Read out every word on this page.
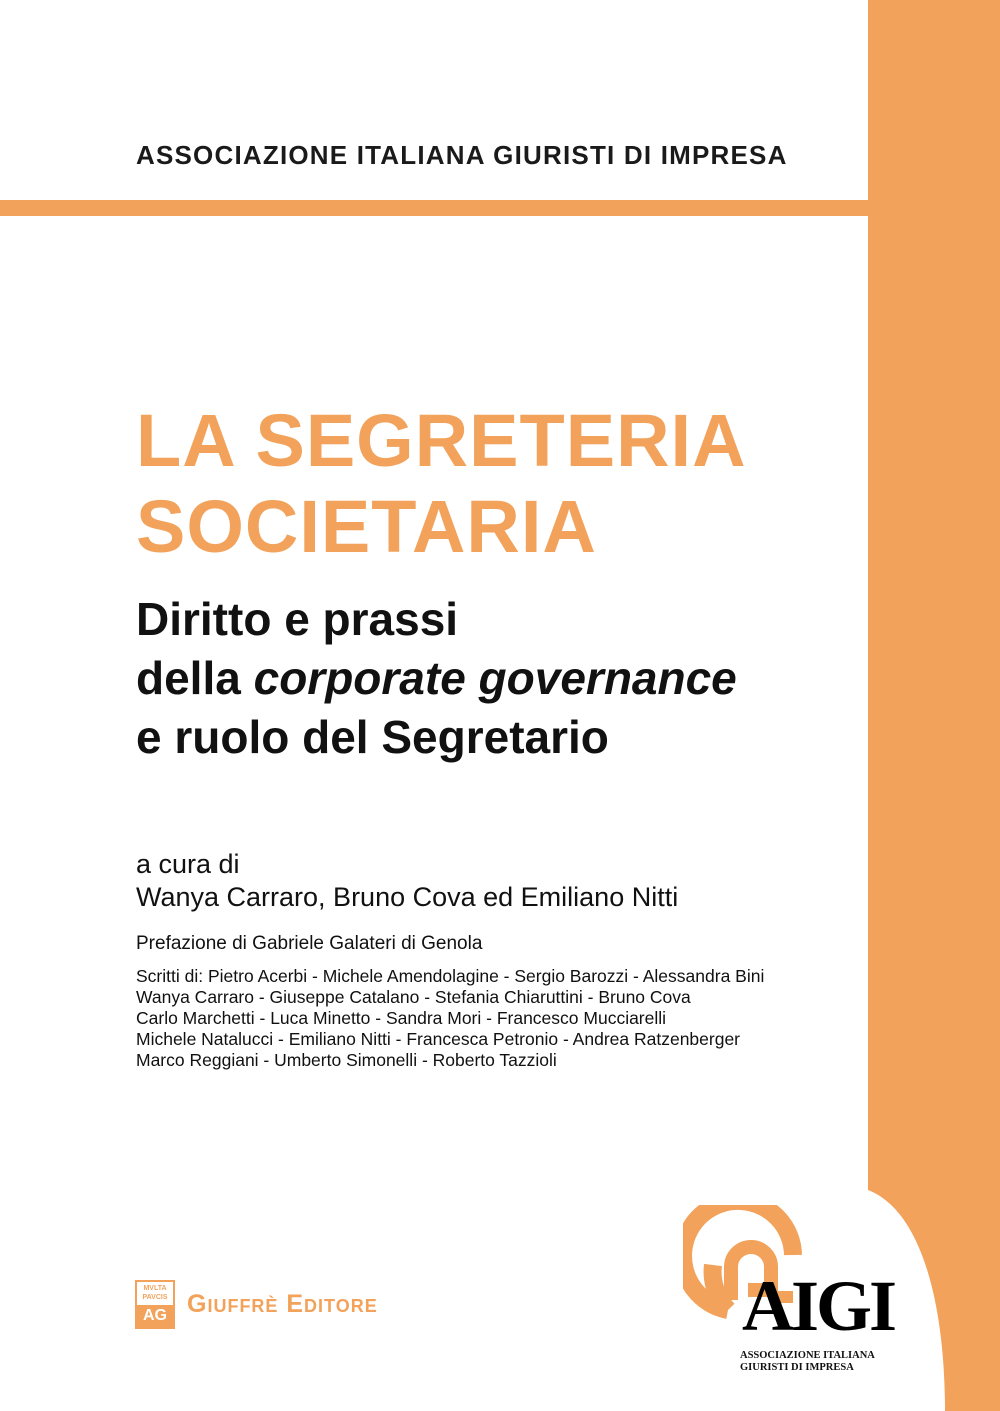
ASSOCIAZIONE ITALIANA GIURISTI DI IMPRESA
LA SEGRETERIA
SOCIETARIA
Diritto e prassi
della corporate governance
e ruolo del Segretario
a cura di
Wanya Carraro, Bruno Cova ed Emiliano Nitti
Prefazione di Gabriele Galateri di Genola
Scritti di: Pietro Acerbi - Michele Amendolagine - Sergio Barozzi - Alessandra Bini
Wanya Carraro - Giuseppe Catalano - Stefania Chiaruttini - Bruno Cova
Carlo Marchetti - Luca Minetto - Sandra Mori - Francesco Mucciarelli
Michele Natalucci - Emiliano Nitti - Francesca Petronio - Andrea Ratzenberger
Marco Reggiani - Umberto Simonelli - Roberto Tazzioli
MVLTA PAVCIS
AG Giuffrè Editore	AIGI
ASSOCIAZIONE ITALIANA
GIURISTI DI IMPRESA
